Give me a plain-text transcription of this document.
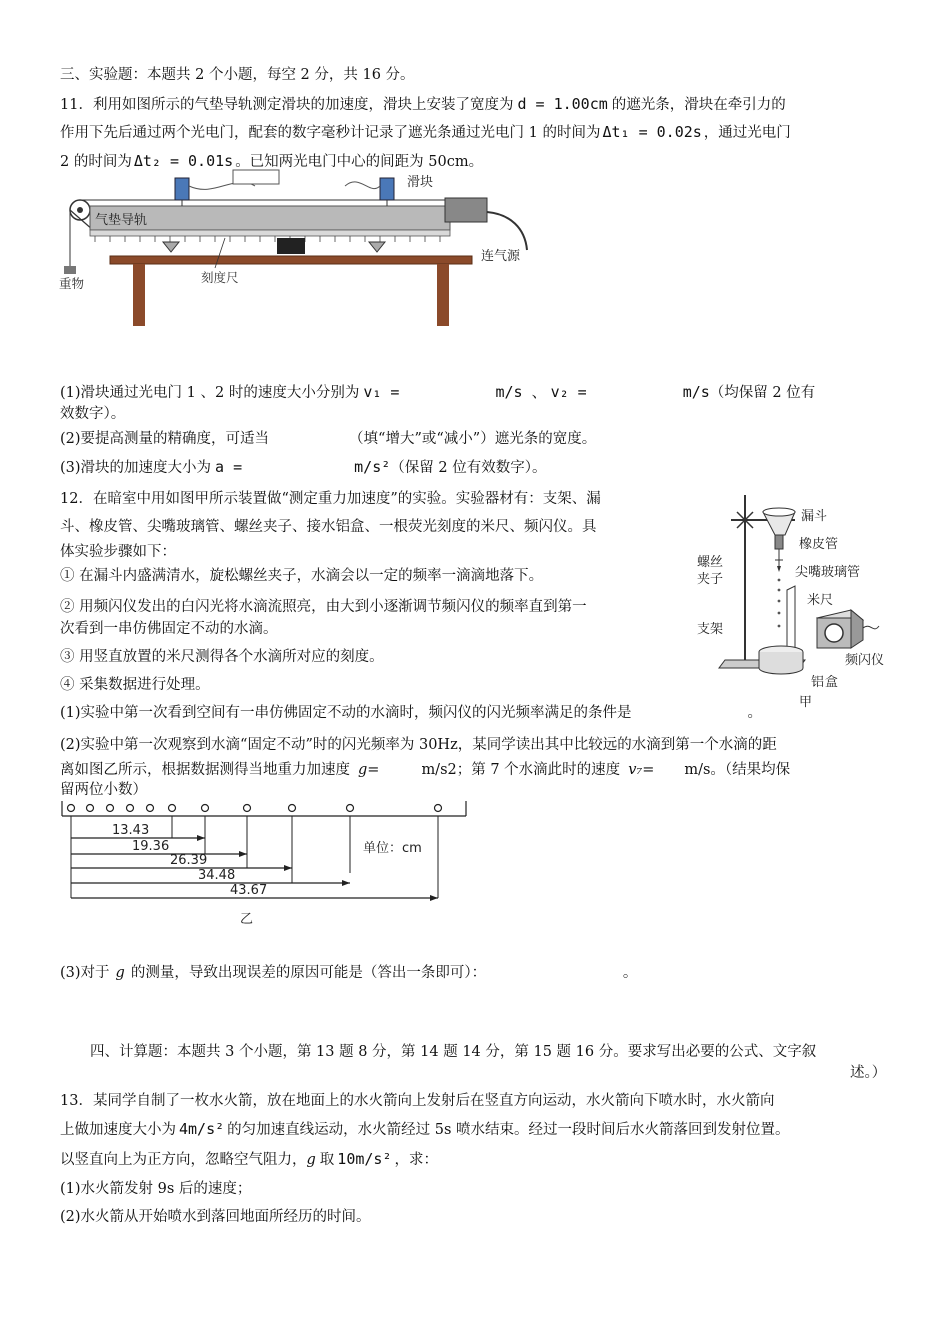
三、实验题：本题共 2 个小题，每空 2 分，共 16 分。
11．利用如图所示的气垫导轨测定滑块的加速度，滑块上安装了宽度为 d = 1.00cm 的遮光条，滑块在牵引力的
作用下先后通过两个光电门，配套的数字毫秒计记录了遮光条通过光电门 1 的时间为 Δt₁ = 0.02s ，通过光电门
2 的时间为 Δt₂ = 0.01s 。已知两光电门中心的间距为 50cm。
重物
气垫导轨
滑块
连气源
刻度尺
(1)滑块通过光电门 1 、2 时的速度大小分别为 v₁ =	m/s 、 v₂ =	m/s（均保留 2 位有
效数字）。
(2)要提高测量的精确度，可适当	（填“增大”或“减小”）遮光条的宽度。
(3)滑块的加速度大小为 a =	m/s²（保留 2 位有效数字）。
12．在暗室中用如图甲所示装置做“测定重力加速度”的实验。实验器材有：支架、漏
斗、橡皮管、尖嘴玻璃管、螺丝夹子、接水铝盒、一根荧光刻度的米尺、频闪仪。具
体实验步骤如下：
① 在漏斗内盛满清水，旋松螺丝夹子，水滴会以一定的频率一滴滴地落下。
② 用频闪仪发出的白闪光将水滴流照亮，由大到小逐渐调节频闪仪的频率直到第一
次看到一串仿佛固定不动的水滴。
③ 用竖直放置的米尺测得各个水滴所对应的刻度。
④ 采集数据进行处理。
漏斗
橡皮管
螺丝
夹子	尖嘴玻璃管
米尺
支架
频闪仪
铝 盒
甲
(1)实验中第一次看到空间有一串仿佛固定不动的水滴时，频闪仪的闪光频率满足的条件是	。
(2)实验中第一次观察到水滴“固定不动”时的闪光频率为 30Hz，某同学读出其中比较远的水滴到第一个水滴的距
离如图乙所示，根据数据测得当地重力加速度 g=	m/s2；第 7 个水滴此时的速度 v₇= m/s。（结果均保
留两位小数）
13.43
19.36
26.39
34.48
43.67
单位：cm
乙
(3)对于 g 的测量，导致出现误差的原因可能是（答出一条即可）：	。
四、计算题：本题共 3 个小题，第 13 题 8 分，第 14 题 14 分，第 15 题 16 分。要求写出必要的公式、文字叙
述。）
13．某同学自制了一枚水火箭，放在地面上的水火箭向上发射后在竖直方向运动，水火箭向下喷水时，水火箭向
上做加速度大小为 4m/s² 的匀加速直线运动，水火箭经过 5s 喷水结束。经过一段时间后水火箭落回到发射位置。
以竖直向上为正方向，忽略空气阻力，g 取 10m/s² ，求：
(1)水火箭发射 9s 后的速度；
(2)水火箭从开始喷水到落回地面所经历的时间。
